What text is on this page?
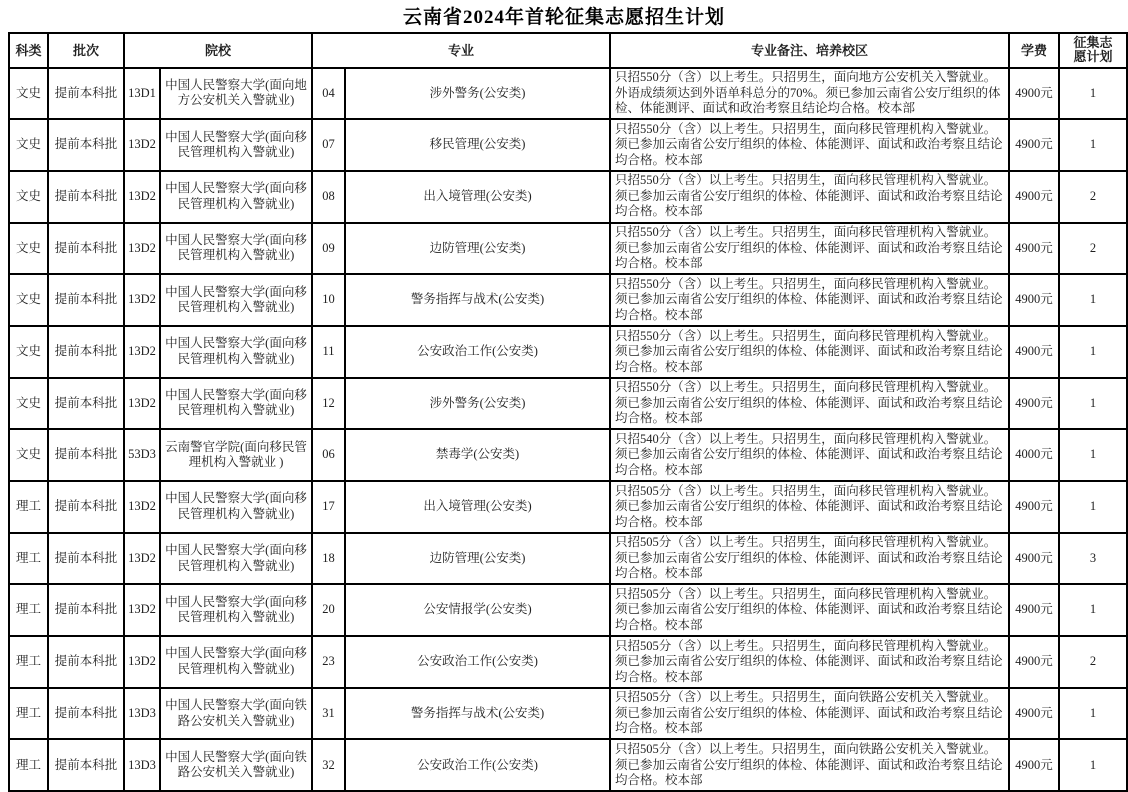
云南省2024年首轮征集志愿招生计划
科类	批次	院校		专业		专业备注、培养校区	学费	征集志愿计划
文史	提前本科批	13D1	中国人民警察大学(面向地方公安机关入警就业)	04	涉外警务(公安类)	只招550分（含）以上考生。只招男生，面向地方公安机关入警就业。外语成绩须达到外语单科总分的70%。须已参加云南省公安厅组织的体检、体能测评、面试和政治考察且结论均合格。校本部	4900元	1
文史	提前本科批	13D2	中国人民警察大学(面向移民管理机构入警就业)	07	移民管理(公安类)	只招550分（含）以上考生。只招男生，面向移民管理机构入警就业。须已参加云南省公安厅组织的体检、体能测评、面试和政治考察且结论均合格。校本部	4900元	1
文史	提前本科批	13D2	中国人民警察大学(面向移民管理机构入警就业)	08	出入境管理(公安类)	只招550分（含）以上考生。只招男生，面向移民管理机构入警就业。须已参加云南省公安厅组织的体检、体能测评、面试和政治考察且结论均合格。校本部	4900元	2
文史	提前本科批	13D2	中国人民警察大学(面向移民管理机构入警就业)	09	边防管理(公安类)	只招550分（含）以上考生。只招男生，面向移民管理机构入警就业。须已参加云南省公安厅组织的体检、体能测评、面试和政治考察且结论均合格。校本部	4900元	2
文史	提前本科批	13D2	中国人民警察大学(面向移民管理机构入警就业)	10	警务指挥与战术(公安类)	只招550分（含）以上考生。只招男生，面向移民管理机构入警就业。须已参加云南省公安厅组织的体检、体能测评、面试和政治考察且结论均合格。校本部	4900元	1
文史	提前本科批	13D2	中国人民警察大学(面向移民管理机构入警就业)	11	公安政治工作(公安类)	只招550分（含）以上考生。只招男生，面向移民管理机构入警就业。须已参加云南省公安厅组织的体检、体能测评、面试和政治考察且结论均合格。校本部	4900元	1
文史	提前本科批	13D2	中国人民警察大学(面向移民管理机构入警就业)	12	涉外警务(公安类)	只招550分（含）以上考生。只招男生，面向移民管理机构入警就业。须已参加云南省公安厅组织的体检、体能测评、面试和政治考察且结论均合格。校本部	4900元	1
文史	提前本科批	53D3	云南警官学院(面向移民管理机构入警就业 )	06	禁毒学(公安类)	只招540分（含）以上考生。只招男生，面向移民管理机构入警就业。须已参加云南省公安厅组织的体检、体能测评、面试和政治考察且结论均合格。校本部	4000元	1
理工	提前本科批	13D2	中国人民警察大学(面向移民管理机构入警就业)	17	出入境管理(公安类)	只招505分（含）以上考生。只招男生，面向移民管理机构入警就业。须已参加云南省公安厅组织的体检、体能测评、面试和政治考察且结论均合格。校本部	4900元	1
理工	提前本科批	13D2	中国人民警察大学(面向移民管理机构入警就业)	18	边防管理(公安类)	只招505分（含）以上考生。只招男生，面向移民管理机构入警就业。须已参加云南省公安厅组织的体检、体能测评、面试和政治考察且结论均合格。校本部	4900元	3
理工	提前本科批	13D2	中国人民警察大学(面向移民管理机构入警就业)	20	公安情报学(公安类)	只招505分（含）以上考生。只招男生，面向移民管理机构入警就业。须已参加云南省公安厅组织的体检、体能测评、面试和政治考察且结论均合格。校本部	4900元	1
理工	提前本科批	13D2	中国人民警察大学(面向移民管理机构入警就业)	23	公安政治工作(公安类)	只招505分（含）以上考生。只招男生，面向移民管理机构入警就业。须已参加云南省公安厅组织的体检、体能测评、面试和政治考察且结论均合格。校本部	4900元	2
理工	提前本科批	13D3	中国人民警察大学(面向铁路公安机关入警就业)	31	警务指挥与战术(公安类)	只招505分（含）以上考生。只招男生，面向铁路公安机关入警就业。须已参加云南省公安厅组织的体检、体能测评、面试和政治考察且结论均合格。校本部	4900元	1
理工	提前本科批	13D3	中国人民警察大学(面向铁路公安机关入警就业)	32	公安政治工作(公安类)	只招505分（含）以上考生。只招男生，面向铁路公安机关入警就业。须已参加云南省公安厅组织的体检、体能测评、面试和政治考察且结论均合格。校本部	4900元	1
